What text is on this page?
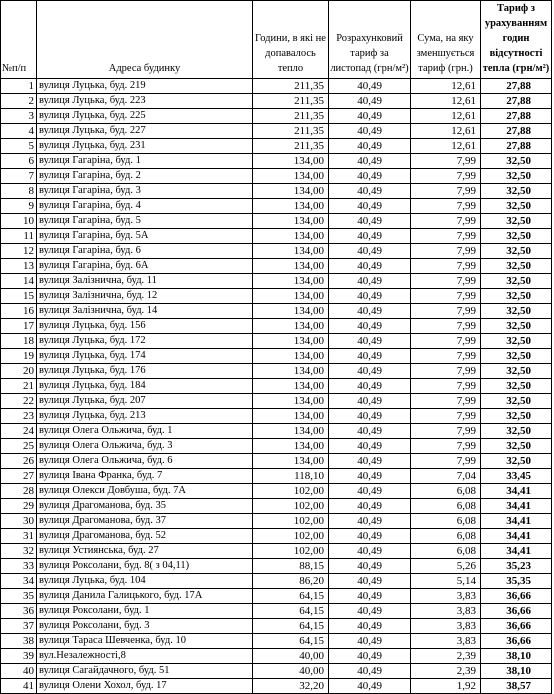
№п/п	Адреса будинку	Години, в які не допавалось тепло	Розрахунковий тариф за листопад (грн/м²)	Сума, на яку зменшується тариф (грн.)	Тариф з урахуванням годин відсутності тепла (грн/м²)
1	вулиця Луцька, буд. 219	211,35	40,49	12,61	27,88
2	вулиця Луцька, буд. 223	211,35	40,49	12,61	27,88
3	вулиця Луцька, буд. 225	211,35	40,49	12,61	27,88
4	вулиця Луцька, буд. 227	211,35	40,49	12,61	27,88
5	вулиця Луцька, буд. 231	211,35	40,49	12,61	27,88
6	вулиця Гагаріна, буд. 1	134,00	40,49	7,99	32,50
7	вулиця Гагаріна, буд. 2	134,00	40,49	7,99	32,50
8	вулиця Гагаріна, буд. 3	134,00	40,49	7,99	32,50
9	вулиця Гагаріна, буд. 4	134,00	40,49	7,99	32,50
10	вулиця Гагаріна, буд. 5	134,00	40,49	7,99	32,50
11	вулиця Гагаріна, буд. 5А	134,00	40,49	7,99	32,50
12	вулиця Гагаріна, буд. 6	134,00	40,49	7,99	32,50
13	вулиця Гагаріна, буд. 6А	134,00	40,49	7,99	32,50
14	вулиця Залізнична, буд. 11	134,00	40,49	7,99	32,50
15	вулиця Залізнична, буд. 12	134,00	40,49	7,99	32,50
16	вулиця Залізнична, буд. 14	134,00	40,49	7,99	32,50
17	вулиця Луцька, буд. 156	134,00	40,49	7,99	32,50
18	вулиця Луцька, буд. 172	134,00	40,49	7,99	32,50
19	вулиця Луцька, буд. 174	134,00	40,49	7,99	32,50
20	вулиця Луцька, буд. 176	134,00	40,49	7,99	32,50
21	вулиця Луцька, буд. 184	134,00	40,49	7,99	32,50
22	вулиця Луцька, буд. 207	134,00	40,49	7,99	32,50
23	вулиця Луцька, буд. 213	134,00	40,49	7,99	32,50
24	вулиця Олега Ольжича, буд. 1	134,00	40,49	7,99	32,50
25	вулиця Олега Ольжича, буд. 3	134,00	40,49	7,99	32,50
26	вулиця Олега Ольжича, буд. 6	134,00	40,49	7,99	32,50
27	вулиця Івана Франка, буд. 7	118,10	40,49	7,04	33,45
28	вулиця Олекси Довбуша, буд. 7А	102,00	40,49	6,08	34,41
29	вулиця Драгоманова, буд. 35	102,00	40,49	6,08	34,41
30	вулиця Драгоманова, буд. 37	102,00	40,49	6,08	34,41
31	вулиця Драгоманова, буд. 52	102,00	40,49	6,08	34,41
32	вулиця Устиянська, буд. 27	102,00	40,49	6,08	34,41
33	вулиця Роксолани, буд. 8( з 04,11)	88,15	40,49	5,26	35,23
34	вулиця Луцька, буд. 104	86,20	40,49	5,14	35,35
35	вулиця Данила Галицького, буд. 17А	64,15	40,49	3,83	36,66
36	вулиця Роксолани, буд. 1	64,15	40,49	3,83	36,66
37	вулиця Роксолани, буд. 3	64,15	40,49	3,83	36,66
38	вулиця Тараса Шевченка, буд. 10	64,15	40,49	3,83	36,66
39	вул.Незалежності,8	40,00	40,49	2,39	38,10
40	вулиця Сагайдачного, буд. 51	40,00	40,49	2,39	38,10
41	вулиця Олени Хохол, буд. 17	32,20	40,49	1,92	38,57
